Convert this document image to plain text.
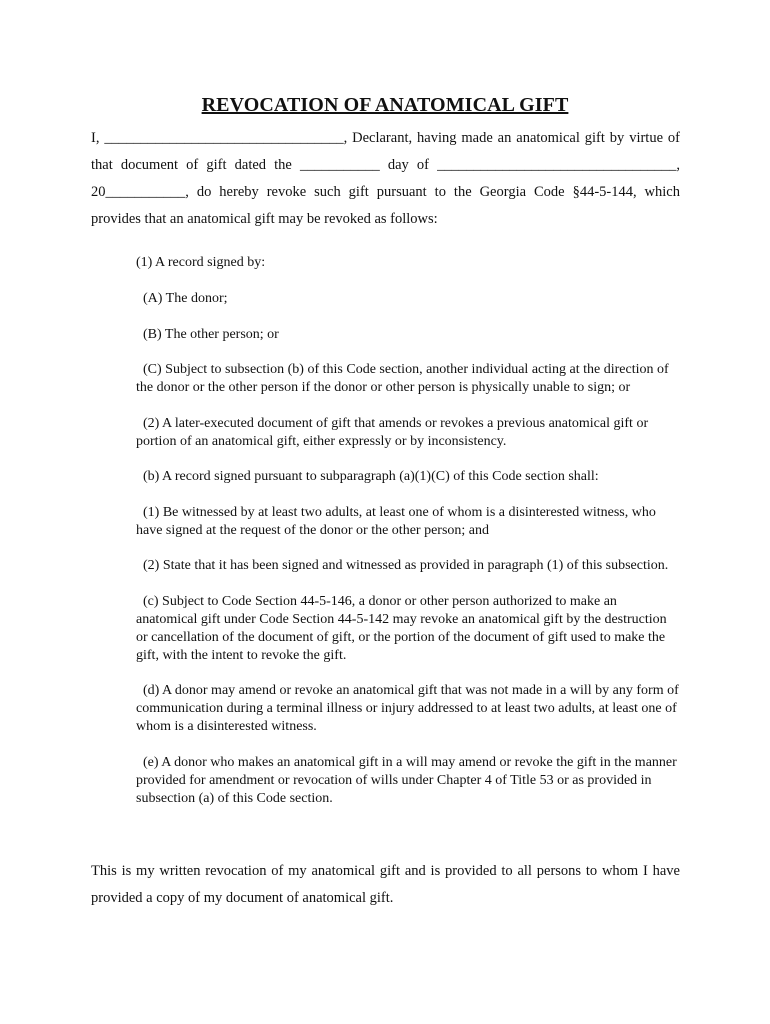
REVOCATION OF ANATOMICAL GIFT

I, _________________________________, Declarant, having made an anatomical gift by virtue of that document of gift dated the ___________ day of _________________________________, 20___________, do hereby revoke such gift pursuant to the Georgia Code §44-5-144, which provides that an anatomical gift may be revoked as follows:

(1) A record signed by:
(A) The donor;
(B) The other person; or
(C) Subject to subsection (b) of this Code section, another individual acting at the direction of the donor or the other person if the donor or other person is physically unable to sign; or
(2) A later-executed document of gift that amends or revokes a previous anatomical gift or portion of an anatomical gift, either expressly or by inconsistency.
(b) A record signed pursuant to subparagraph (a)(1)(C) of this Code section shall:
(1) Be witnessed by at least two adults, at least one of whom is a disinterested witness, who have signed at the request of the donor or the other person; and
(2) State that it has been signed and witnessed as provided in paragraph (1) of this subsection.
(c) Subject to Code Section 44-5-146, a donor or other person authorized to make an anatomical gift under Code Section 44-5-142 may revoke an anatomical gift by the destruction or cancellation of the document of gift, or the portion of the document of gift used to make the gift, with the intent to revoke the gift.
(d) A donor may amend or revoke an anatomical gift that was not made in a will by any form of communication during a terminal illness or injury addressed to at least two adults, at least one of whom is a disinterested witness.
(e) A donor who makes an anatomical gift in a will may amend or revoke the gift in the manner provided for amendment or revocation of wills under Chapter 4 of Title 53 or as provided in subsection (a) of this Code section.

This is my written revocation of my anatomical gift and is provided to all persons to whom I have provided a copy of my document of anatomical gift.
